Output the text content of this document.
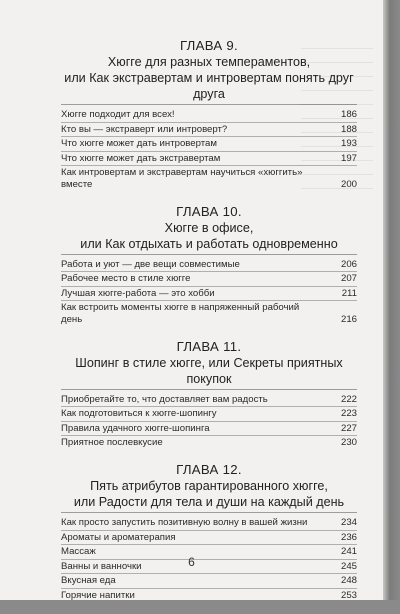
ГЛАВА 9.
Хюгге для разных темпераментов,
или Как экстравертам и интровертам понять друг друга
Хюгге подходит для всех!	186
Кто вы — экстраверт или интроверт?	188
Что хюгге может дать интровертам	193
Что хюгге может дать экстравертам	197
Как интровертам и экстравертам научиться «хюггить» вместе	200
ГЛАВА 10.
Хюгге в офисе,
или Как отдыхать и работать одновременно
Работа и уют — две вещи совместимые	206
Рабочее место в стиле хюгге	207
Лучшая хюгге-работа — это хобби	211
Как встроить моменты хюгге в напряженный рабочий день	216
ГЛАВА 11.
Шопинг в стиле хюгге, или Секреты приятных покупок
Приобретайте то, что доставляет вам радость	222
Как подготовиться к хюгге-шопингу	223
Правила удачного хюгге-шопинга	227
Приятное послевкусие	230
ГЛАВА 12.
Пять атрибутов гарантированного хюгге,
или Радости для тела и души на каждый день
Как просто запустить позитивную волну в вашей жизни	234
Ароматы и ароматерапия	236
Массаж	241
Ванны и ванночки	245
Вкусная еда	248
Горячие напитки	253
6
